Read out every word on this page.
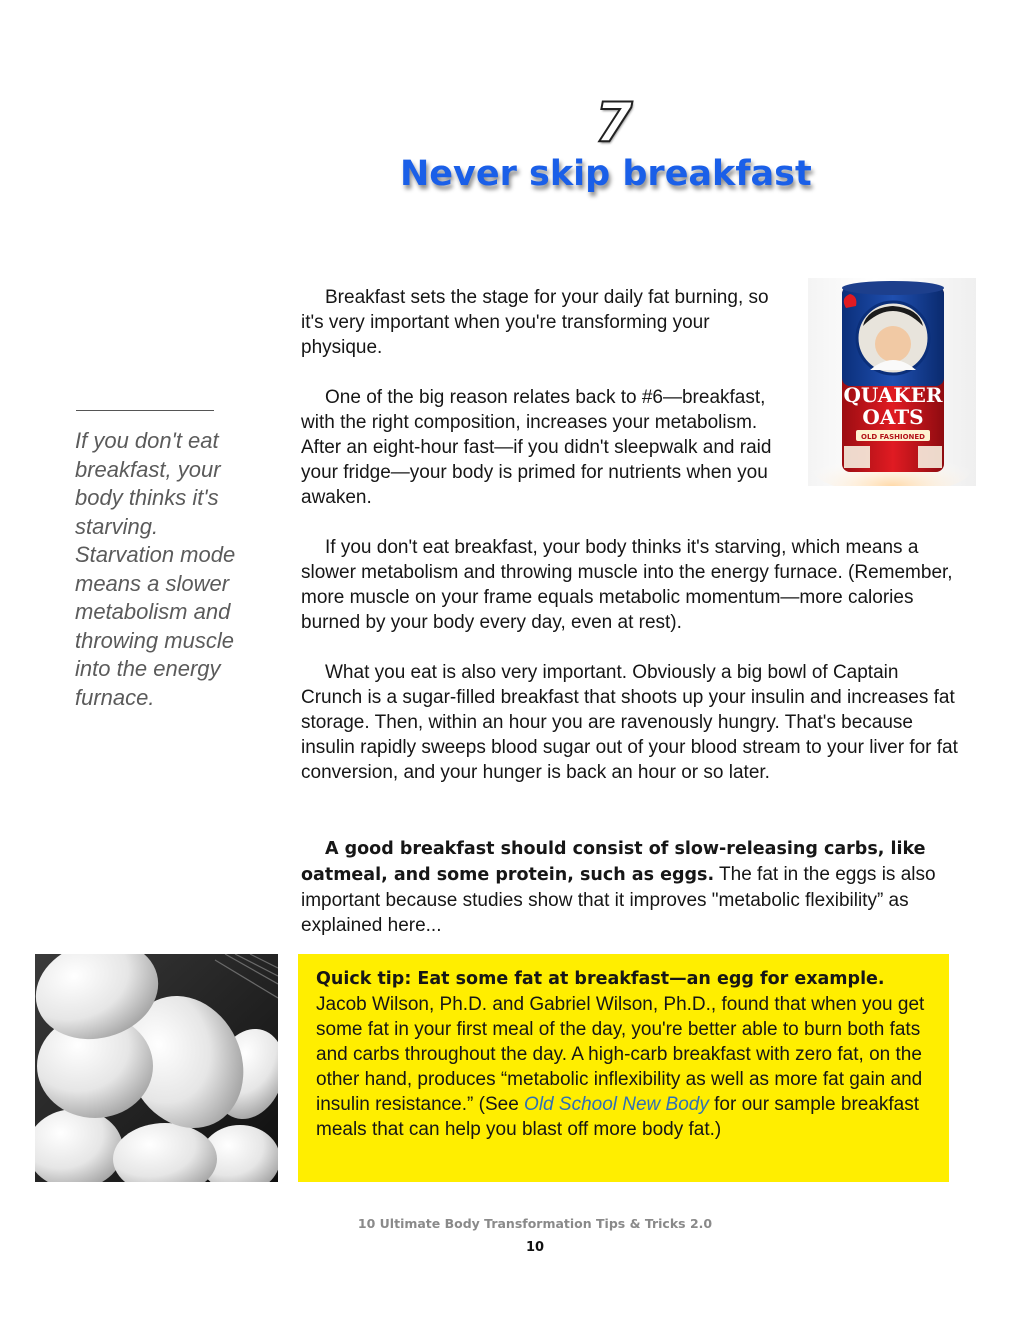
7
Never skip breakfast

Breakfast sets the stage for your daily fat burning, so it's very important when you're transforming your physique.

One of the big reason relates back to #6—breakfast, with the right composition, increases your metabolism. After an eight-hour fast—if you didn't sleepwalk and raid your fridge—your body is primed for nutrients when you awaken.

If you don't eat breakfast, your body thinks it's starving, which means a slower metabolism and throwing muscle into the energy furnace. (Remember, more muscle on your frame equals metabolic momentum—more calories burned by your body every day, even at rest).

What you eat is also very important. Obviously a big bowl of Captain Crunch is a sugar-filled breakfast that shoots up your insulin and increases fat storage. Then, within an hour you are ravenously hungry. That's because insulin rapidly sweeps blood sugar out of your blood stream to your liver for fat conversion, and your hunger is back an hour or so later.

A good breakfast should consist of slow-releasing carbs, like oatmeal, and some protein, such as eggs. The fat in the eggs is also important because studies show that it improves "metabolic flexibility” as explained here...

If you don't eat breakfast, your body thinks it's starving. Starvation mode means a slower metabolism and throwing muscle into the energy furnace.

QUAKER
OATS
OLD FASHIONED
Quick tip: Eat some fat at breakfast—an egg for example. Jacob Wilson, Ph.D. and Gabriel Wilson, Ph.D., found that when you get some fat in your first meal of the day, you're better able to burn both fats and carbs throughout the day. A high-carb breakfast with zero fat, on the other hand, produces “metabolic inflexibility as well as more fat gain and insulin resistance.” (See Old School New Body for our sample breakfast meals that can help you blast off more body fat.)
10 Ultimate Body Transformation Tips & Tricks 2.0
10
